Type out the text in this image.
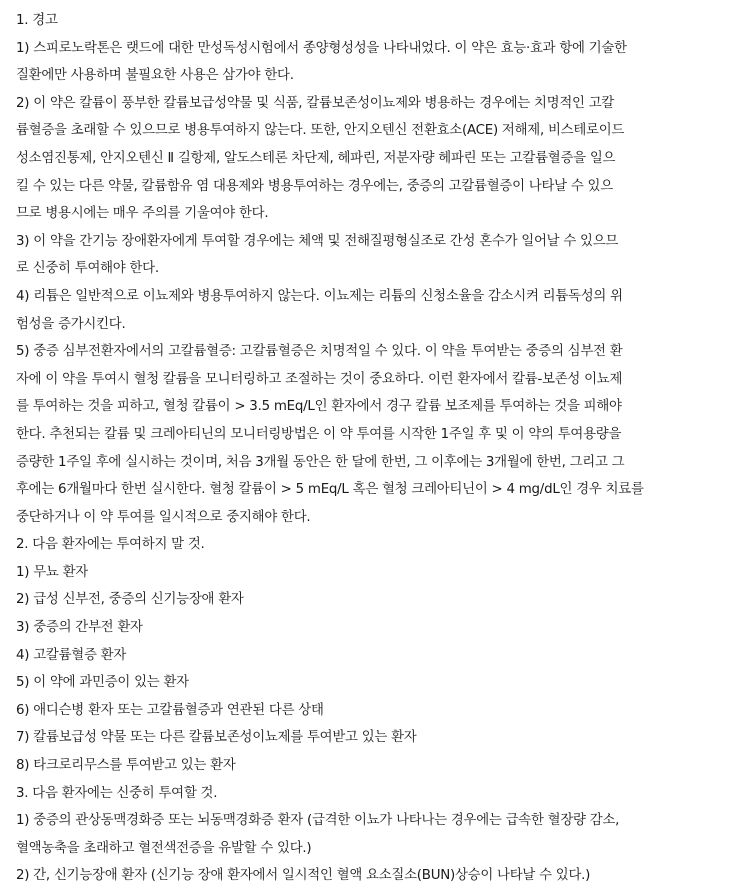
1. 경고
1) 스피로노락톤은 랫드에 대한 만성독성시험에서 종양형성성을 나타내었다. 이 약은 효능·효과 항에 기술한
질환에만 사용하며 불필요한 사용은 삼가야 한다.
2) 이 약은 칼륨이 풍부한 칼륨보급성약물 및 식품, 칼륨보존성이뇨제와 병용하는 경우에는 치명적인 고칼
륨혈증을 초래할 수 있으므로 병용투여하지 않는다. 또한, 안지오텐신 전환효소(ACE) 저해제, 비스테로이드
성소염진통제, 안지오텐신 Ⅱ 길항제, 알도스테론 차단제, 헤파린, 저분자량 헤파린 또는 고칼륨혈증을 일으
킬 수 있는 다른 약물, 칼륨함유 염 대용제와 병용투여하는 경우에는, 중증의 고칼륨혈증이 나타날 수 있으
므로 병용시에는 매우 주의를 기울여야 한다.
3) 이 약을 간기능 장애환자에게 투여할 경우에는 체액 및 전해질평형실조로 간성 혼수가 일어날 수 있으므
로 신중히 투여해야 한다.
4) 리튬은 일반적으로 이뇨제와 병용투여하지 않는다. 이뇨제는 리튬의 신청소율을 감소시켜 리튬독성의 위
험성을 증가시킨다.
5) 중증 심부전환자에서의 고칼륨혈증: 고칼륨혈증은 치명적일 수 있다. 이 약을 투여받는 중증의 심부전 환
자에 이 약을 투여시 혈청 칼륨을 모니터링하고 조절하는 것이 중요하다. 이런 환자에서 칼륨-보존성 이뇨제
를 투여하는 것을 피하고, 혈청 칼륨이 > 3.5 mEq/L인 환자에서 경구 칼륨 보조제를 투여하는 것을 피해야
한다. 추천되는 칼륨 및 크레아티닌의 모니터링방법은 이 약 투여를 시작한 1주일 후 및 이 약의 투여용량을
증량한 1주일 후에 실시하는 것이며, 처음 3개월 동안은 한 달에 한번, 그 이후에는 3개월에 한번, 그리고 그
후에는 6개월마다 한번 실시한다. 혈청 칼륨이 > 5 mEq/L 혹은 혈청 크레아티닌이 > 4 mg/dL인 경우 치료를
중단하거나 이 약 투여를 일시적으로 중지해야 한다.
2. 다음 환자에는 투여하지 말 것.
1) 무뇨 환자
2) 급성 신부전, 중증의 신기능장애 환자
3) 중증의 간부전 환자
4) 고칼륨혈증 환자
5) 이 약에 과민증이 있는 환자
6) 애디슨병 환자 또는 고칼륨혈증과 연관된 다른 상태
7) 칼륨보급성 약물 또는 다른 칼륨보존성이뇨제를 투여받고 있는 환자
8) 타크로리무스를 투여받고 있는 환자
3. 다음 환자에는 신중히 투여할 것.
1) 중증의 관상동맥경화증 또는 뇌동맥경화증 환자 (급격한 이뇨가 나타나는 경우에는 급속한 혈장량 감소,
혈액농축을 초래하고 혈전색전증을 유발할 수 있다.)
2) 간, 신기능장애 환자 (신기능 장애 환자에서 일시적인 혈액 요소질소(BUN)상승이 나타날 수 있다.)
